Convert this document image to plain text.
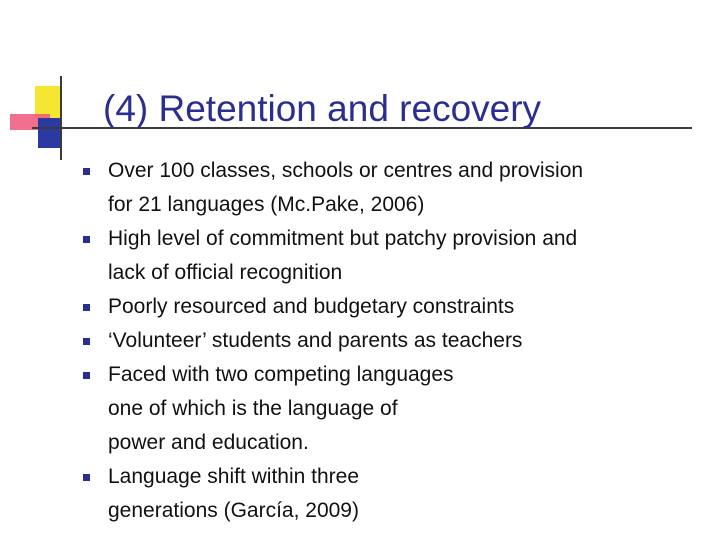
(4) Retention and recovery
Over 100 classes, schools or centres and provision
for 21 languages (Mc.Pake, 2006)
High level of commitment but patchy provision and
lack of official recognition
Poorly resourced and budgetary constraints
‘Volunteer’ students and parents as teachers
Faced with two competing languages
one of which is the language of
power and education.
Language shift within three
generations (García, 2009)
